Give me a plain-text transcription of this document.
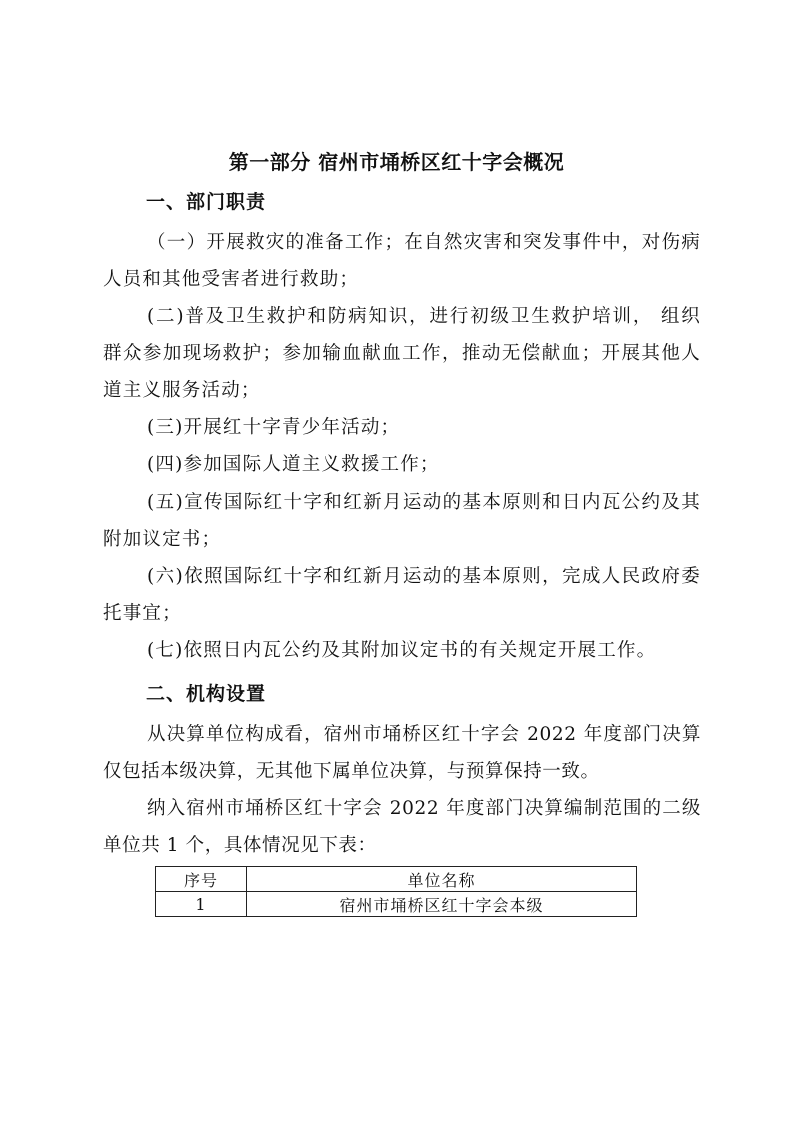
第一部分 宿州市埇桥区红十字会概况
一、部门职责
（一）开展救灾的准备工作；在自然灾害和突发事件中，对伤病人员和其他受害者进行救助；
(二)普及卫生救护和防病知识，进行初级卫生救护培训， 组织群众参加现场救护；参加输血献血工作，推动无偿献血；开展其他人道主义服务活动；
(三)开展红十字青少年活动；
(四)参加国际人道主义救援工作；
(五)宣传国际红十字和红新月运动的基本原则和日内瓦公约及其附加议定书；
(六)依照国际红十字和红新月运动的基本原则，完成人民政府委托事宜；
(七)依照日内瓦公约及其附加议定书的有关规定开展工作。
二、机构设置
从决算单位构成看，宿州市埇桥区红十字会 2022 年度部门决算仅包括本级决算，无其他下属单位决算，与预算保持一致。
纳入宿州市埇桥区红十字会 2022 年度部门决算编制范围的二级单位共 1 个，具体情况见下表：
序号	单位名称
1	宿州市埇桥区红十字会本级
